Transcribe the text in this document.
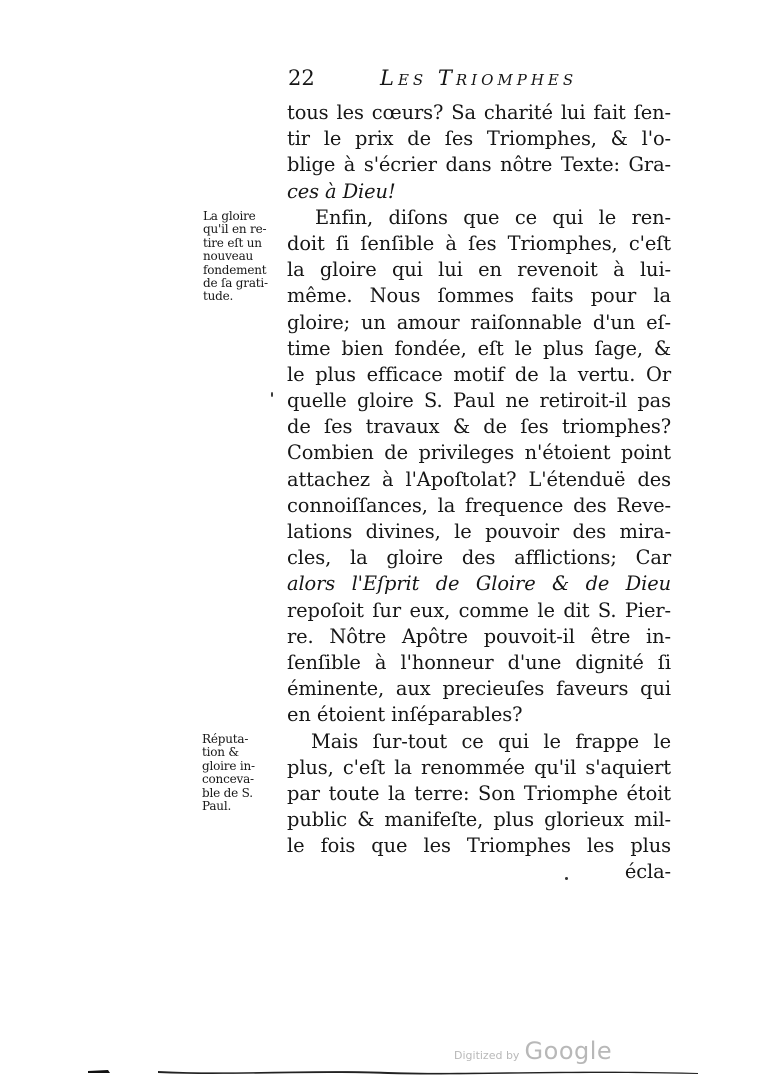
22	Les Triomphes
tous les cœurs? Sa charité lui fait ſen-
tir le prix de ſes Triomphes, & l'o-
blige à s'écrier dans nôtre Texte: Gra-
ces à Dieu!
Enfin, diſons que ce qui le ren-
doit ſi ſenſible à ſes Triomphes, c'eſt
la gloire qui lui en revenoit à lui-
même. Nous ſommes faits pour la
gloire; un amour raiſonnable d'un eſ-
time bien fondée, eſt le plus ſage, &
le plus efficace motif de la vertu. Or
quelle gloire S. Paul ne retiroit-il pas
de ſes travaux & de ſes triomphes?
Combien de privileges n'étoient point
attachez à l'Apoſtolat? L'étenduë des
connoiſſances, la frequence des Reve-
lations divines, le pouvoir des mira-
cles, la gloire des afflictions; Car
alors l'Eſprit de Gloire & de Dieu
repoſoit ſur eux, comme le dit S. Pier-
re. Nôtre Apôtre pouvoit-il être in-
ſenſible à l'honneur d'une dignité ſi
éminente, aux precieuſes faveurs qui
en étoient inſéparables?
Mais ſur-tout ce qui le frappe le
plus, c'eſt la renommée qu'il s'aquiert
par toute la terre: Son Triomphe étoit
public & manifeſte, plus glorieux mil-
le fois que les Triomphes les plus
écla-
La gloire
qu'il en re-
tire eſt un
nouveau
fondement
de ſa grati-
tude.
Réputa-
tion &
gloire in-
conceva-
ble de S.
Paul.
Digitized by Google
